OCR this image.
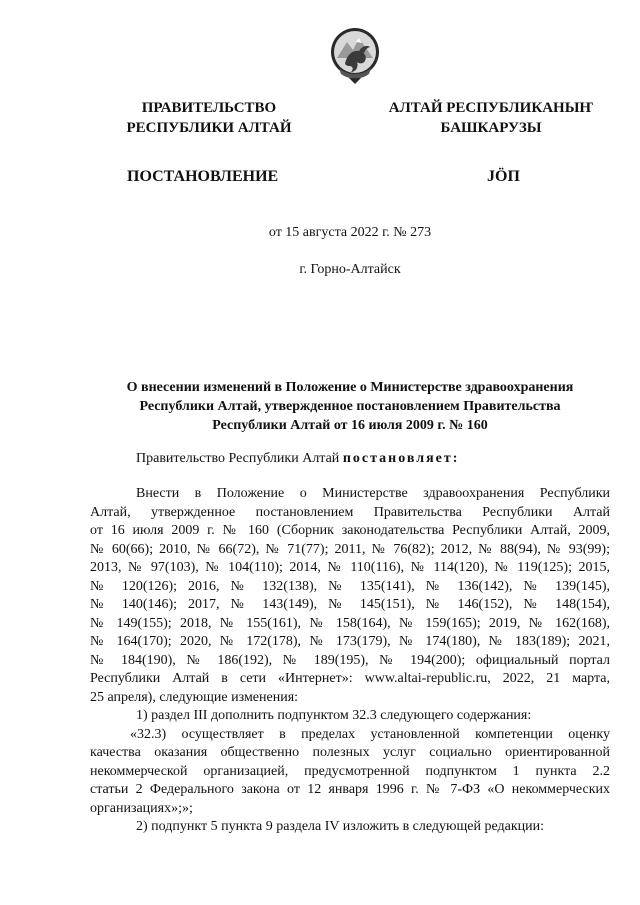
ПРАВИТЕЛЬСТВО
РЕСПУБЛИКИ АЛТАЙ
АЛТАЙ РЕСПУБЛИКАНЫҤ
БАШКАРУЗЫ
ПОСТАНОВЛЕНИЕ	JӦП
от 15 августа 2022 г. № 273
г. Горно-Алтайск
О внесении изменений в Положение о Министерстве здравоохранения
Республики Алтай, утвержденное постановлением Правительства
Республики Алтай от 16 июля 2009 г. № 160
Правительство Республики Алтай постановляет:
Внести в Положение о Министерстве здравоохранения Республики
Алтай, утвержденное постановлением Правительства Республики Алтай
от 16 июля 2009 г. № 160 (Сборник законодательства Республики Алтай, 2009,
№ 60(66); 2010, № 66(72), № 71(77); 2011, № 76(82); 2012, № 88(94), № 93(99);
2013, № 97(103), № 104(110); 2014, № 110(116), № 114(120), № 119(125); 2015,
№ 120(126); 2016, № 132(138), № 135(141), № 136(142), № 139(145),
№ 140(146); 2017, № 143(149), № 145(151), № 146(152), № 148(154),
№ 149(155); 2018, № 155(161), № 158(164), № 159(165); 2019, № 162(168),
№ 164(170); 2020, № 172(178), № 173(179), № 174(180), № 183(189); 2021,
№ 184(190), № 186(192), № 189(195), № 194(200); официальный портал
Республики Алтай в сети «Интернет»: www.altai-republic.ru, 2022, 21 марта,
25 апреля), следующие изменения:
1) раздел III дополнить подпунктом 32.3 следующего содержания:
«32.3) осуществляет в пределах установленной компетенции оценку
качества оказания общественно полезных услуг социально ориентированной
некоммерческой организацией, предусмотренной подпунктом 1 пункта 2.2
статьи 2 Федерального закона от 12 января 1996 г. № 7-ФЗ «О некоммерческих
организациях»;»;
2) подпункт 5 пункта 9 раздела IV изложить в следующей редакции:
